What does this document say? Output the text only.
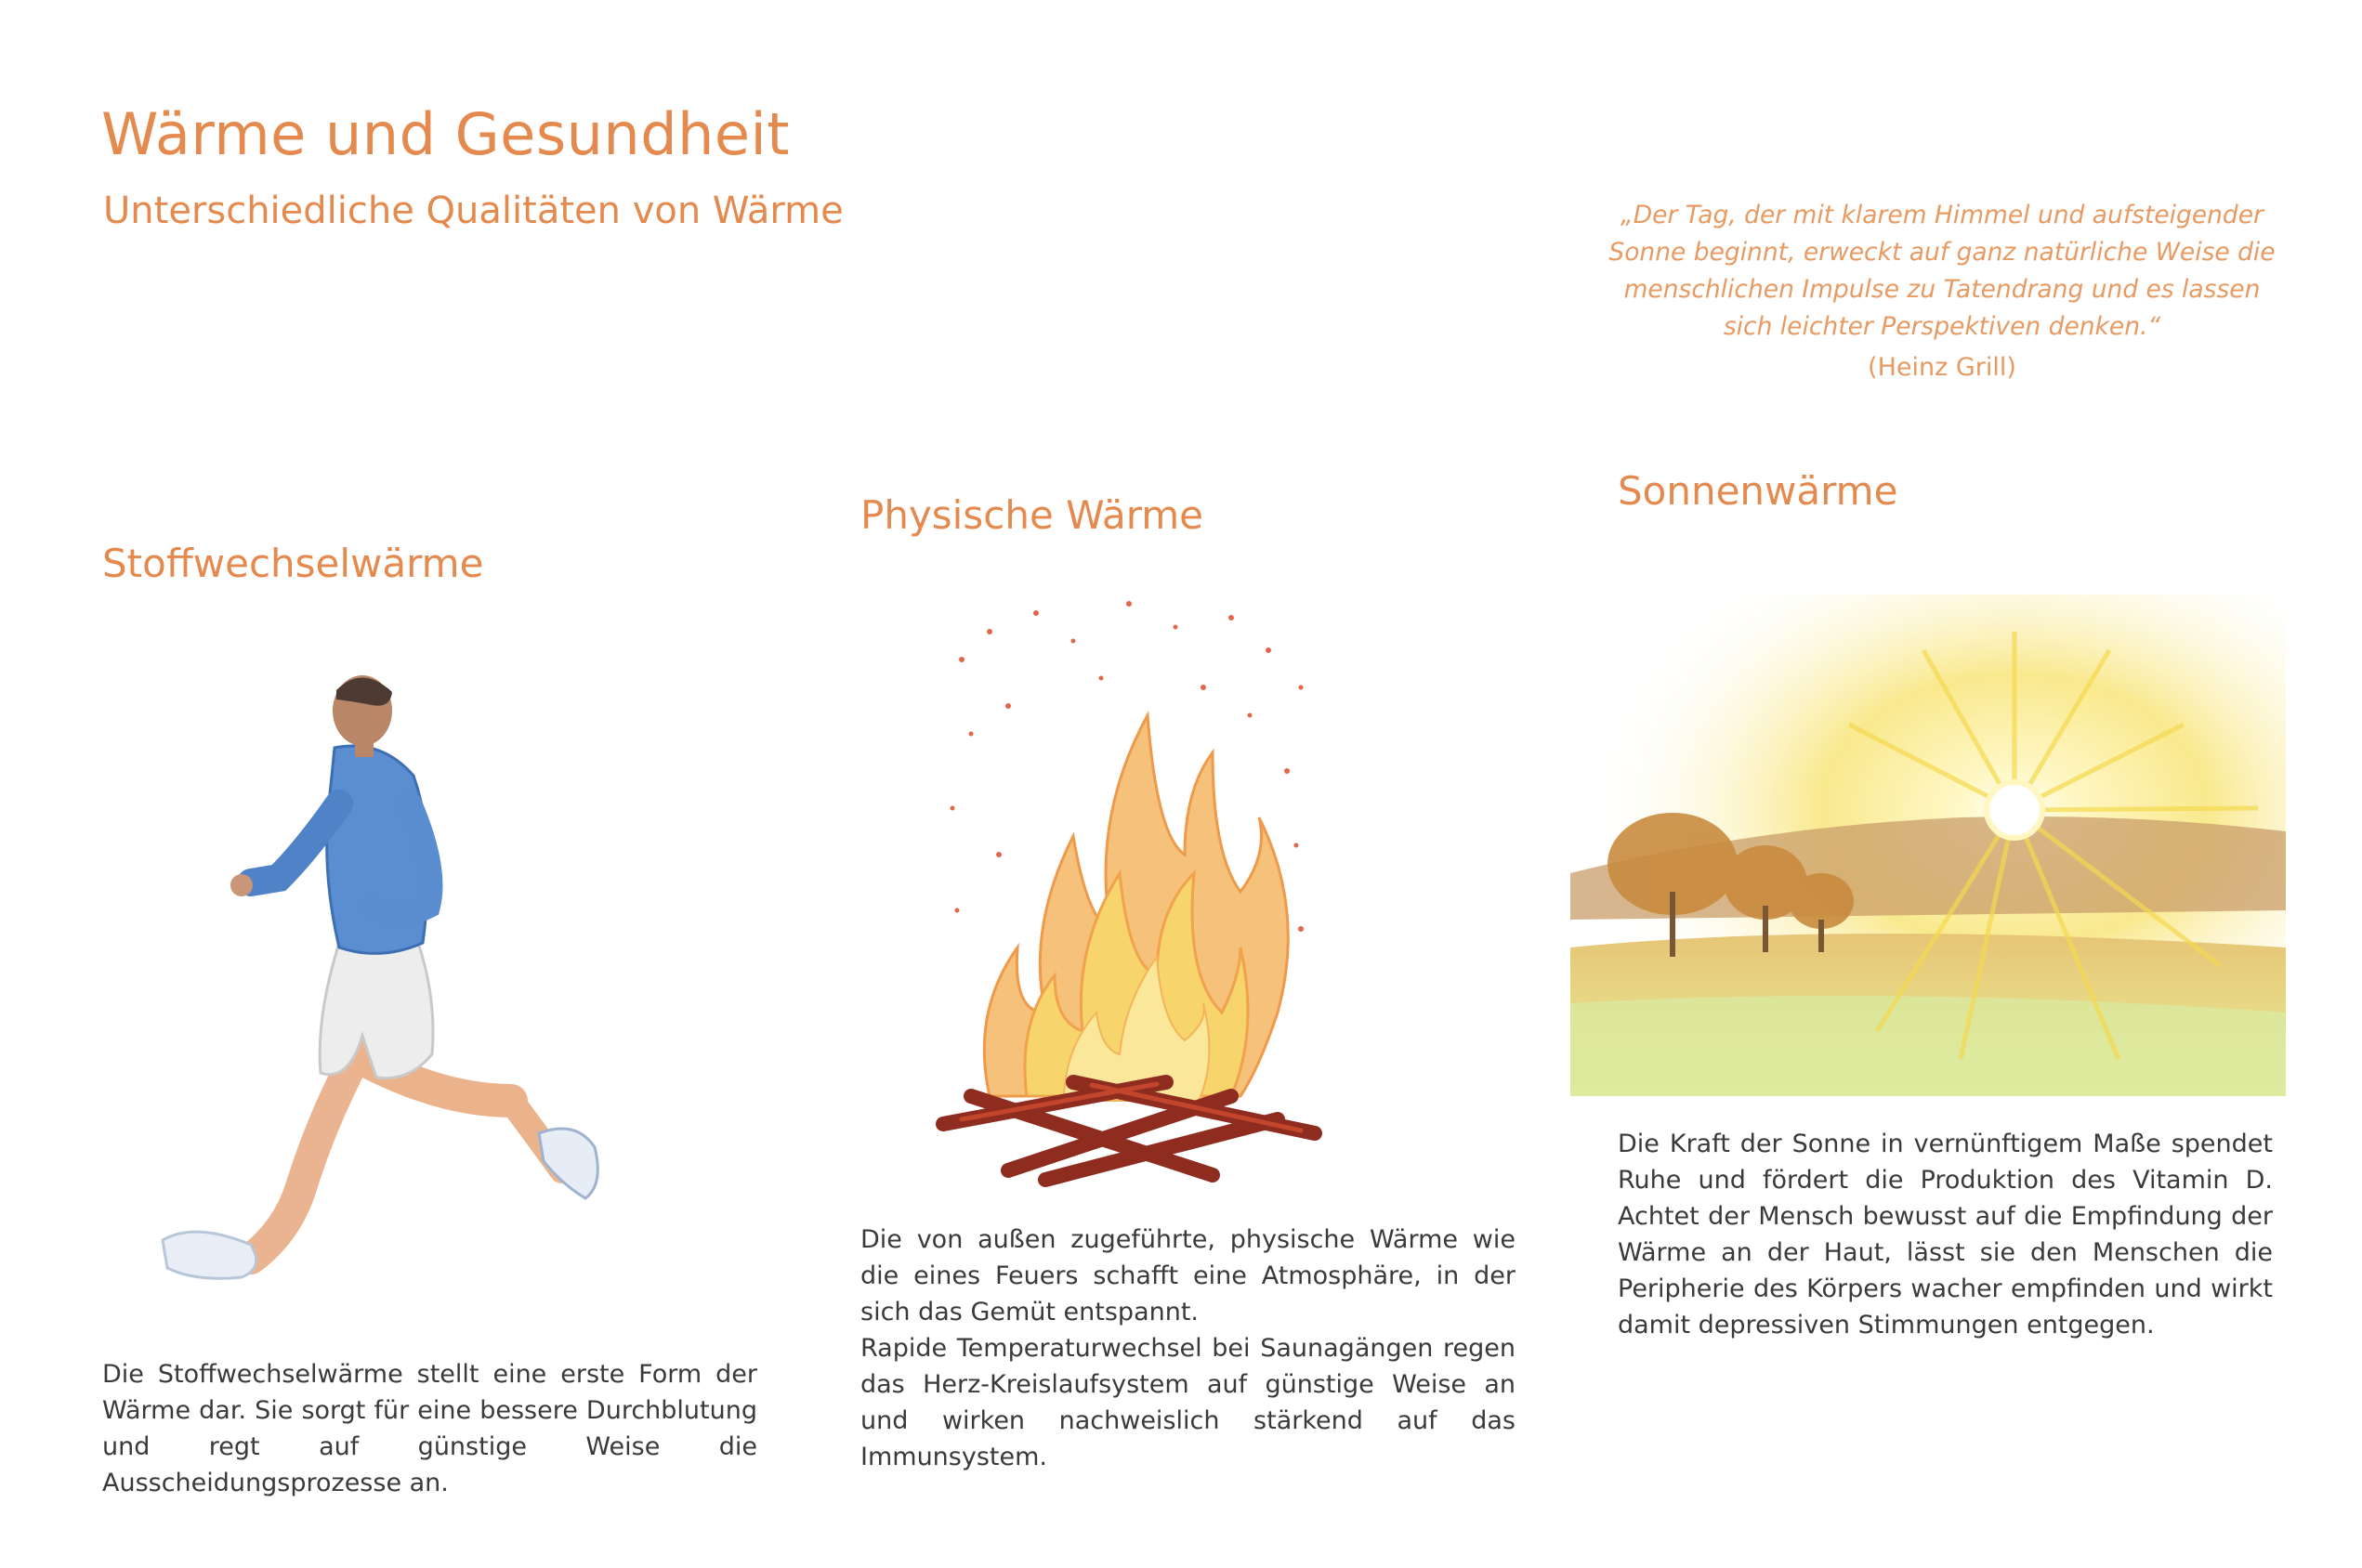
Wärme und Gesundheit
Unterschiedliche Qualitäten von Wärme	„Der Tag, der mit klarem Himmel und aufsteigender
Sonne beginnt, erweckt auf ganz natürliche Weise die
menschlichen Impulse zu Tatendrang und es lassen
sich leichter Perspektiven denken.“
(Heinz Grill)
Stoffwechselwärme

Die Stoffwechselwärme stellt eine erste Form der Wärme dar. Sie sorgt für eine bessere Durchblutung und regt auf günstige Weise die Ausscheidungsprozesse an.

Physische Wärme

Die von außen zugeführte, physische Wärme wie die eines Feuers schafft eine Atmosphäre, in der sich das Gemüt entspannt.
Rapide Temperaturwechsel bei Saunagängen regen das Herz-Kreislaufsystem auf günstige Weise an und wirken nachweislich stärkend auf das Immunsystem.

Sonnenwärme

Die Kraft der Sonne in vernünftigem Maße spendet Ruhe und fördert die Produktion des Vitamin D. Achtet der Mensch bewusst auf die Empfindung der Wärme an der Haut, lässt sie den Menschen die Peripherie des Körpers wacher empfinden und wirkt damit depressiven Stimmungen entgegen.
